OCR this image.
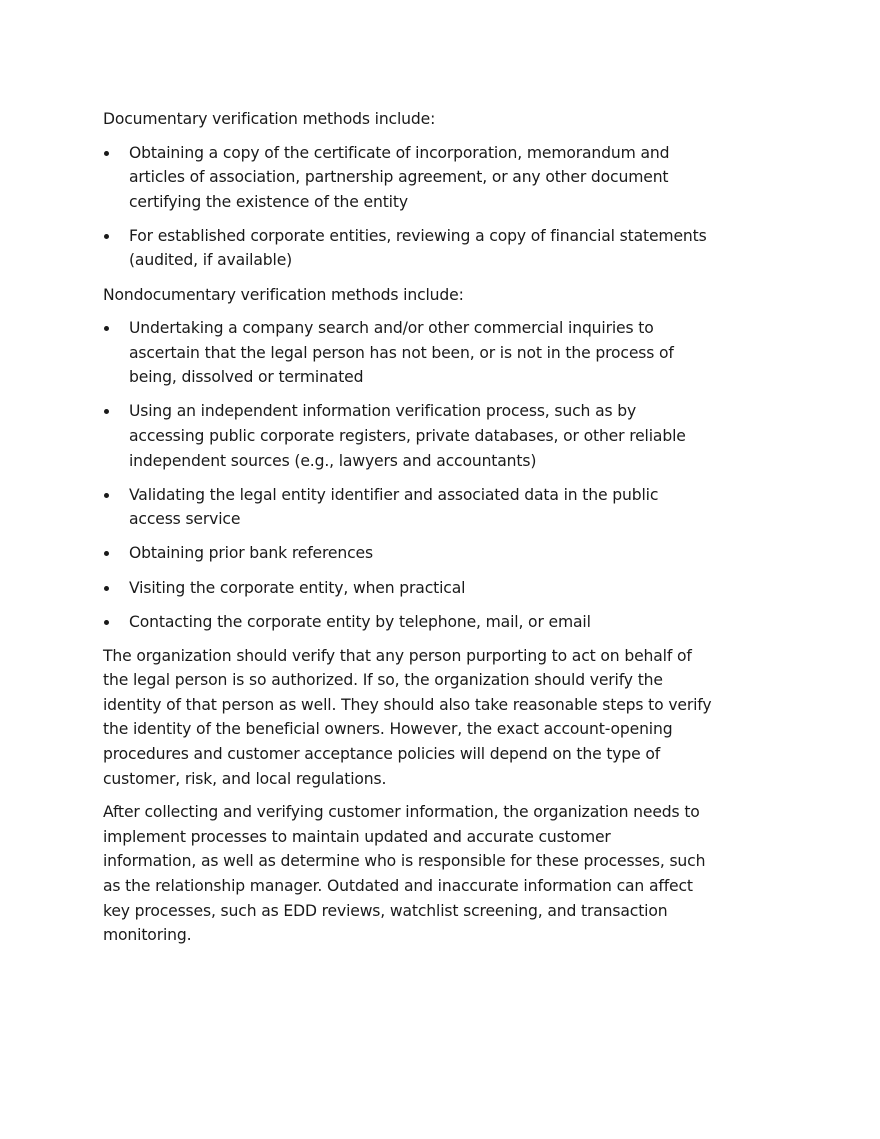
Documentary verification methods include:

Obtaining a copy of the certificate of incorporation, memorandum and
articles of association, partnership agreement, or any other document
certifying the existence of the entity
For established corporate entities, reviewing a copy of financial statements
(audited, if available)

Nondocumentary verification methods include:

Undertaking a company search and/or other commercial inquiries to
ascertain that the legal person has not been, or is not in the process of
being, dissolved or terminated
Using an independent information verification process, such as by
accessing public corporate registers, private databases, or other reliable
independent sources (e.g., lawyers and accountants)
Validating the legal entity identifier and associated data in the public
access service
Obtaining prior bank references
Visiting the corporate entity, when practical
Contacting the corporate entity by telephone, mail, or email

The organization should verify that any person purporting to act on behalf of
the legal person is so authorized. If so, the organization should verify the
identity of that person as well. They should also take reasonable steps to verify
the identity of the beneficial owners. However, the exact account-opening
procedures and customer acceptance policies will depend on the type of
customer, risk, and local regulations.

After collecting and verifying customer information, the organization needs to
implement processes to maintain updated and accurate customer
information, as well as determine who is responsible for these processes, such
as the relationship manager. Outdated and inaccurate information can affect
key processes, such as EDD reviews, watchlist screening, and transaction
monitoring.
